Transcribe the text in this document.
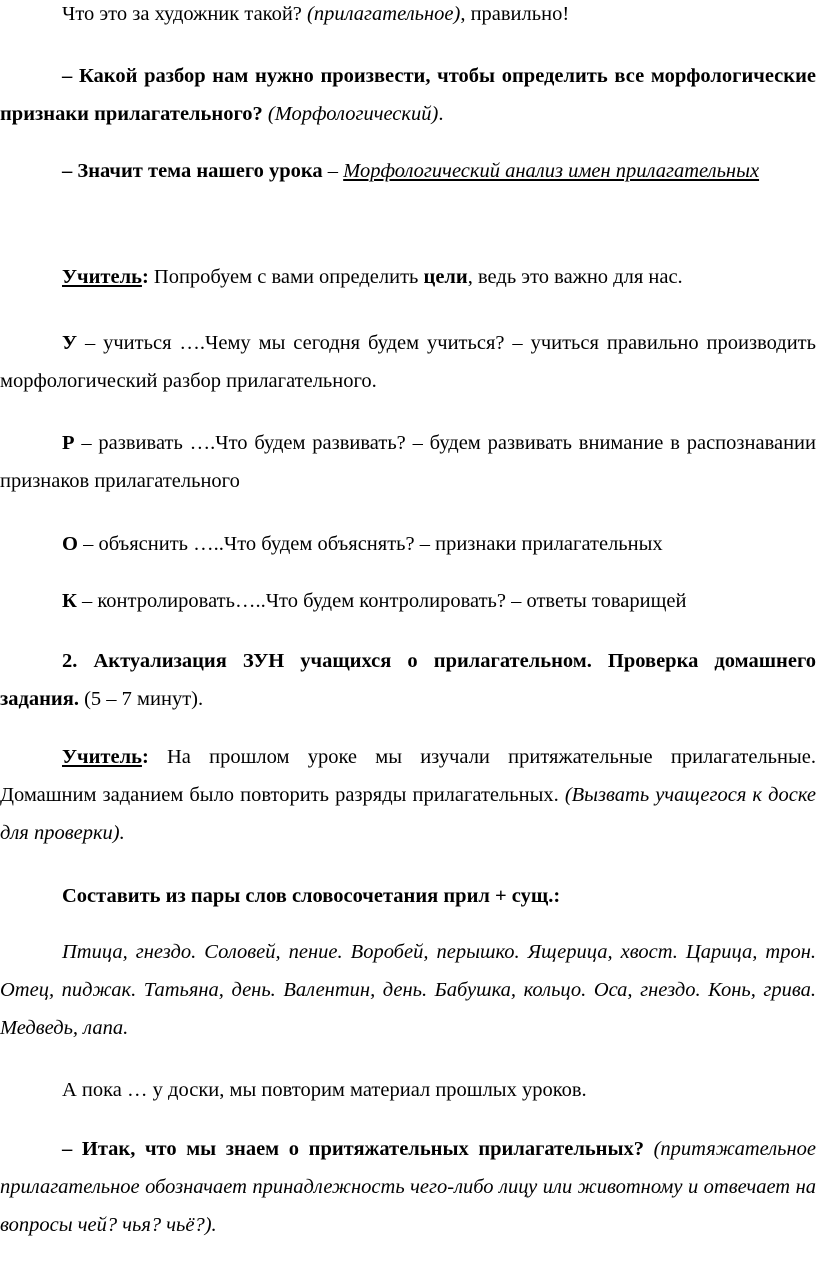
Что это за художник такой? (прилагательное), правильно!

– Какой разбор нам нужно произвести, чтобы определить все морфологические признаки прилагательного? (Морфологический).

– Значит тема нашего урока – Морфологический анализ имен прилагательных

Учитель: Попробуем с вами определить цели, ведь это важно для нас.

У – учиться ….Чему мы сегодня будем учиться? – учиться правильно производить морфологический разбор прилагательного.

Р – развивать ….Что будем развивать? – будем развивать внимание в распознавании признаков прилагательного

О – объяснить …..Что будем объяснять? – признаки прилагательных

К – контролировать…..Что будем контролировать? – ответы товарищей

2. Актуализация ЗУН учащихся о прилагательном. Проверка домашнего задания. (5 – 7 минут).

Учитель: На прошлом уроке мы изучали притяжательные прилагательные. Домашним заданием было повторить разряды прилагательных. (Вызвать учащегося к доске для проверки).

Составить из пары слов словосочетания прил + сущ.:

Птица, гнездо. Соловей, пение. Воробей, перышко. Ящерица, хвост. Царица, трон. Отец, пиджак. Татьяна, день. Валентин, день. Бабушка, кольцо. Оса, гнездо. Конь, грива. Медведь, лапа.

А пока … у доски, мы повторим материал прошлых уроков.

– Итак, что мы знаем о притяжательных прилагательных? (притяжательное прилагательное обозначает принадлежность чего-либо лицу или животному и отвечает на вопросы чей? чья? чьё?).
